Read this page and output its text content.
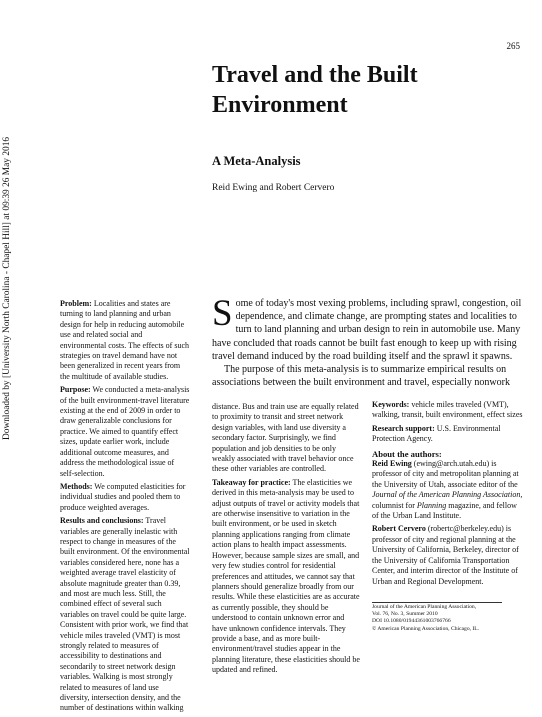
265
Downloaded by [University North Carolina - Chapel Hill] at 09:39 26 May 2016
Travel and the Built Environment
A Meta-Analysis
Reid Ewing and Robert Cervero

Problem: Localities and states are turning to land planning and urban design for help in reducing automobile use and related social and environmental costs. The effects of such strategies on travel demand have not been generalized in recent years from the multitude of available studies.

Purpose: We conducted a meta-analysis of the built environment-travel literature existing at the end of 2009 in order to draw generalizable conclusions for practice. We aimed to quantify effect sizes, update earlier work, include additional outcome measures, and address the methodological issue of self-selection.

Methods: We computed elasticities for individual studies and pooled them to produce weighted averages.

Results and conclusions: Travel variables are generally inelastic with respect to change in measures of the built environment. Of the environmental variables considered here, none has a weighted average travel elasticity of absolute magnitude greater than 0.39, and most are much less. Still, the combined effect of several such variables on travel could be quite large. Consistent with prior work, we find that vehicle miles traveled (VMT) is most strongly related to measures of accessibility to destinations and secondarily to street network design variables. Walking is most strongly related to measures of land use diversity, intersection density, and the number of destinations within walking

Some of today's most vexing problems, including sprawl, congestion, oil dependence, and climate change, are prompting states and localities to turn to land planning and urban design to rein in automobile use. Many have concluded that roads cannot be built fast enough to keep up with rising travel demand induced by the road building itself and the sprawl it spawns.

The purpose of this meta-analysis is to summarize empirical results on associations between the built environment and travel, especially nonwork

distance. Bus and train use are equally related to proximity to transit and street network design variables, with land use diversity a secondary factor. Surprisingly, we find population and job densities to be only weakly associated with travel behavior once these other variables are controlled.

Takeaway for practice: The elasticities we derived in this meta-analysis may be used to adjust outputs of travel or activity models that are otherwise insensitive to variation in the built environment, or be used in sketch planning applications ranging from climate action plans to health impact assessments. However, because sample sizes are small, and very few studies control for residential preferences and attitudes, we cannot say that planners should generalize broadly from our results. While these elasticities are as accurate as currently possible, they should be understood to contain unknown error and have unknown confidence intervals. They provide a base, and as more built-environment/travel studies appear in the planning literature, these elasticities should be updated and refined.

Keywords: vehicle miles traveled (VMT), walking, transit, built environment, effect sizes

Research support: U.S. Environmental Protection Agency.

About the authors:

Reid Ewing (ewing@arch.utah.edu) is professor of city and metropolitan planning at the University of Utah, associate editor of the Journal of the American Planning Association, columnist for Planning magazine, and fellow of the Urban Land Institute.

Robert Cervero (robertc@berkeley.edu) is professor of city and regional planning at the University of California, Berkeley, director of the University of California Transportation Center, and interim director of the Institute of Urban and Regional Development.

Journal of the American Planning Association,
Vol. 76, No. 3, Summer 2010
DOI 10.1080/01944361003766766
© American Planning Association, Chicago, IL.
